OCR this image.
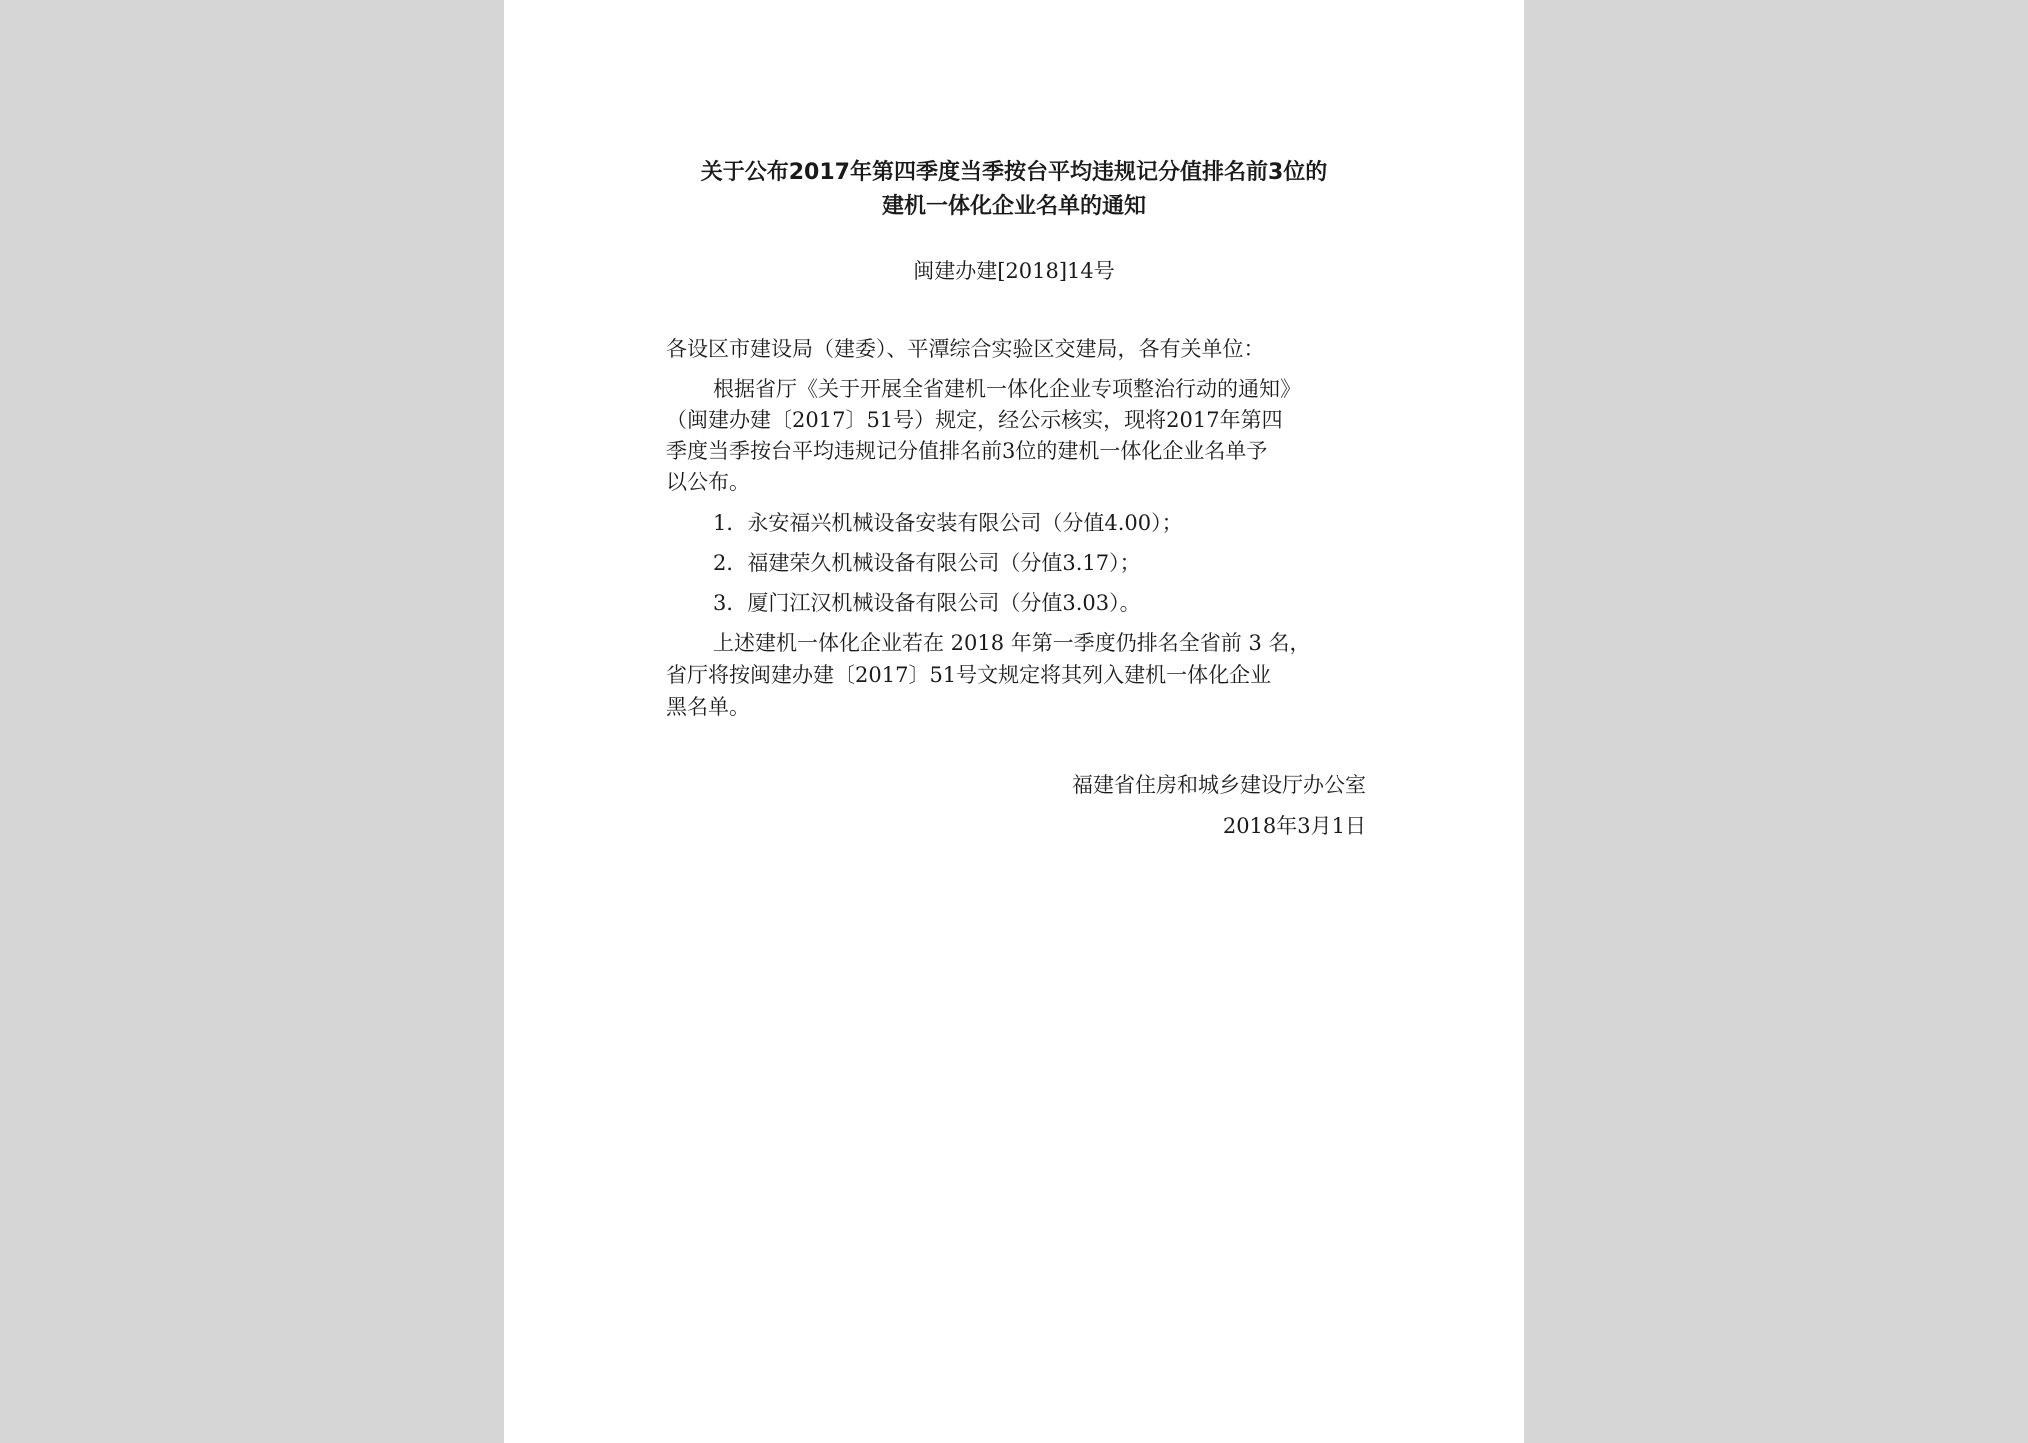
关于公布2017年第四季度当季按台平均违规记分值排名前3位的
建机一体化企业名单的通知
闽建办建[2018]14号
各设区市建设局（建委）、平潭综合实验区交建局，各有关单位：
根据省厅《关于开展全省建机一体化企业专项整治行动的通知》
（闽建办建〔2017〕51号）规定，经公示核实，现将2017年第四
季度当季按台平均违规记分值排名前3位的建机一体化企业名单予
以公布。
1．永安福兴机械设备安装有限公司（分值4.00）；
2．福建荣久机械设备有限公司（分值3.17）；
3．厦门江汉机械设备有限公司（分值3.03）。
上述建机一体化企业若在 2018 年第一季度仍排名全省前 3 名，
省厅将按闽建办建〔2017〕51号文规定将其列入建机一体化企业
黑名单。
福建省住房和城乡建设厅办公室
2018年3月1日
